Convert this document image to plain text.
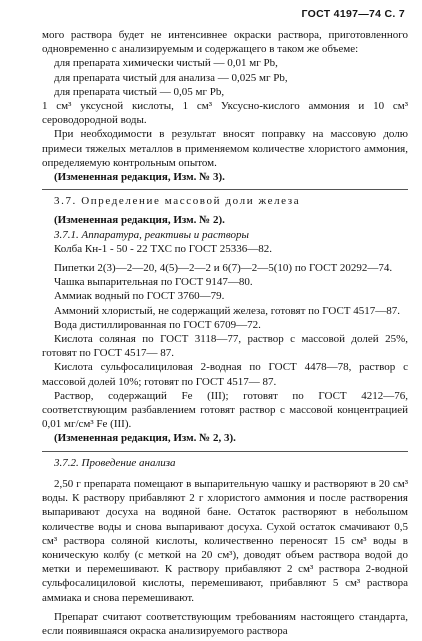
ГОСТ 4197—74 С. 7

мого раствора будет не интенсивнее окраски раствора, приготовленного одновременно с анализируемым и содержащего в таком же объеме:

для препарата химически чистый — 0,01 мг Pb,

для препарата чистый для анализа — 0,025 мг Pb,

для препарата чистый — 0,05 мг Pb,

1 см³ уксусной кислоты, 1 см³ Уксусно-кислого аммония и 10 см³ сероводородной воды.

При необходимости в результат вносят поправку на массовую долю примеси тяжелых металлов в применяемом количестве хлористого аммония, определяемую контрольным опытом.

(Измененная редакция, Изм. № 3).

3.7. Определение массовой доли железа

(Измененная редакция, Изм. № 2).

3.7.1. Аппаратура, реактивы и растворы

Колба Кн-1 - 50 - 22 ТХС по ГОСТ 25336—82.

Пипетки 2(3)—2—20, 4(5)—2—2 и 6(7)—2—5(10) по ГОСТ 20292—74.

Чашка выпарительная по ГОСТ 9147—80.

Аммиак водный по ГОСТ 3760—79.

Аммоний хлористый, не содержащий железа, готовят по ГОСТ 4517—87.

Вода дистиллированная по ГОСТ 6709—72.

Кислота соляная по ГОСТ 3118—77, раствор с массовой долей 25%, готовят по ГОСТ 4517— 87.

Кислота сульфосалициловая 2-водная по ГОСТ 4478—78, раствор с массовой долей 10%; готовят по ГОСТ 4517— 87.

Раствор, содержащий Fe (III); готовят по ГОСТ 4212—76, соответствующим разбавлением готовят раствор с массовой концентрацией 0,01 мг/см³ Fe (III).

(Измененная редакция, Изм. № 2, 3).

3.7.2. Проведение анализа

2,50 г препарата помещают в выпарительную чашку и растворяют в 20 см³ воды. К раствору прибавляют 2 г хлористого аммония и после растворения выпаривают досуха на водяной бане. Остаток растворяют в небольшом количестве воды и снова выпаривают досуха. Сухой остаток смачивают 0,5 см³ раствора соляной кислоты, количественно переносят 15 см³ воды в коническую колбу (с меткой на 20 см³), доводят объем раствора водой до метки и перемешивают. К раствору прибавляют 2 см³ раствора 2-водной сульфосалициловой кислоты, перемешивают, прибавляют 5 см³ раствора аммиака и снова перемешивают.

Препарат считают соответствующим требованиям настоящего стандарта, если появившаяся окраска анализируемого раствора
